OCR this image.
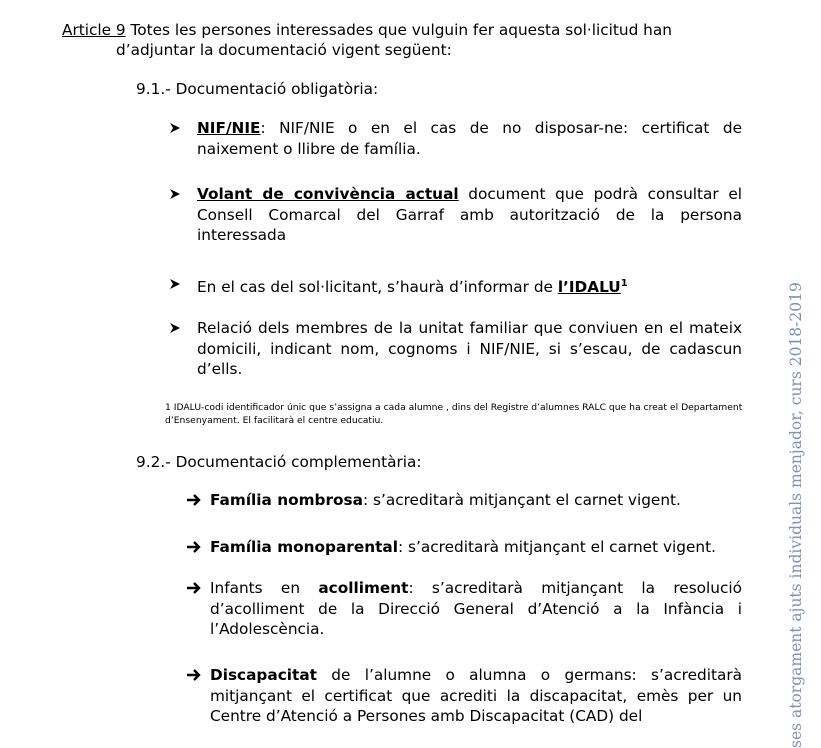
Article 9 Totes les persones interessades que vulguin fer aquesta sol·licitud han
d’adjuntar la documentació vigent següent:
9.1.- Documentació obligatòria:
NIF/NIE: NIF/NIE o en el cas de no disposar-ne: certificat de naixement o llibre de família.
Volant de convivència actual document que podrà consultar el Consell Comarcal del Garraf amb autorització de la persona interessada
En el cas del sol·licitant, s’haurà d’informar de l’IDALU$^1$
Relació dels membres de la unitat familiar que conviuen en el mateix domicili, indicant nom, cognoms i NIF/NIE, si s’escau, de cadascun d’ells.
1 IDALU-codi identificador únic que s’assigna a cada alumne , dins del Registre d’alumnes RALC que ha creat el Departament d’Ensenyament. El facilitarà el centre educatiu.
9.2.- Documentació complementària:
Família nombrosa: s’acreditarà mitjançant el carnet vigent.
Família monoparental: s’acreditarà mitjançant el carnet vigent.
Infants en acolliment: s’acreditarà mitjançant la resolució d’acolliment de la Direcció General d’Atenció a la Infància i l’Adolescència.
Discapacitat de l’alumne o alumna o germans: s’acreditarà mitjançant el certificat que acrediti la discapacitat, emès per un Centre d’Atenció a Persones amb Discapacitat (CAD) del	ses atorgament ajuts individuals menjador, curs 2018-2019
